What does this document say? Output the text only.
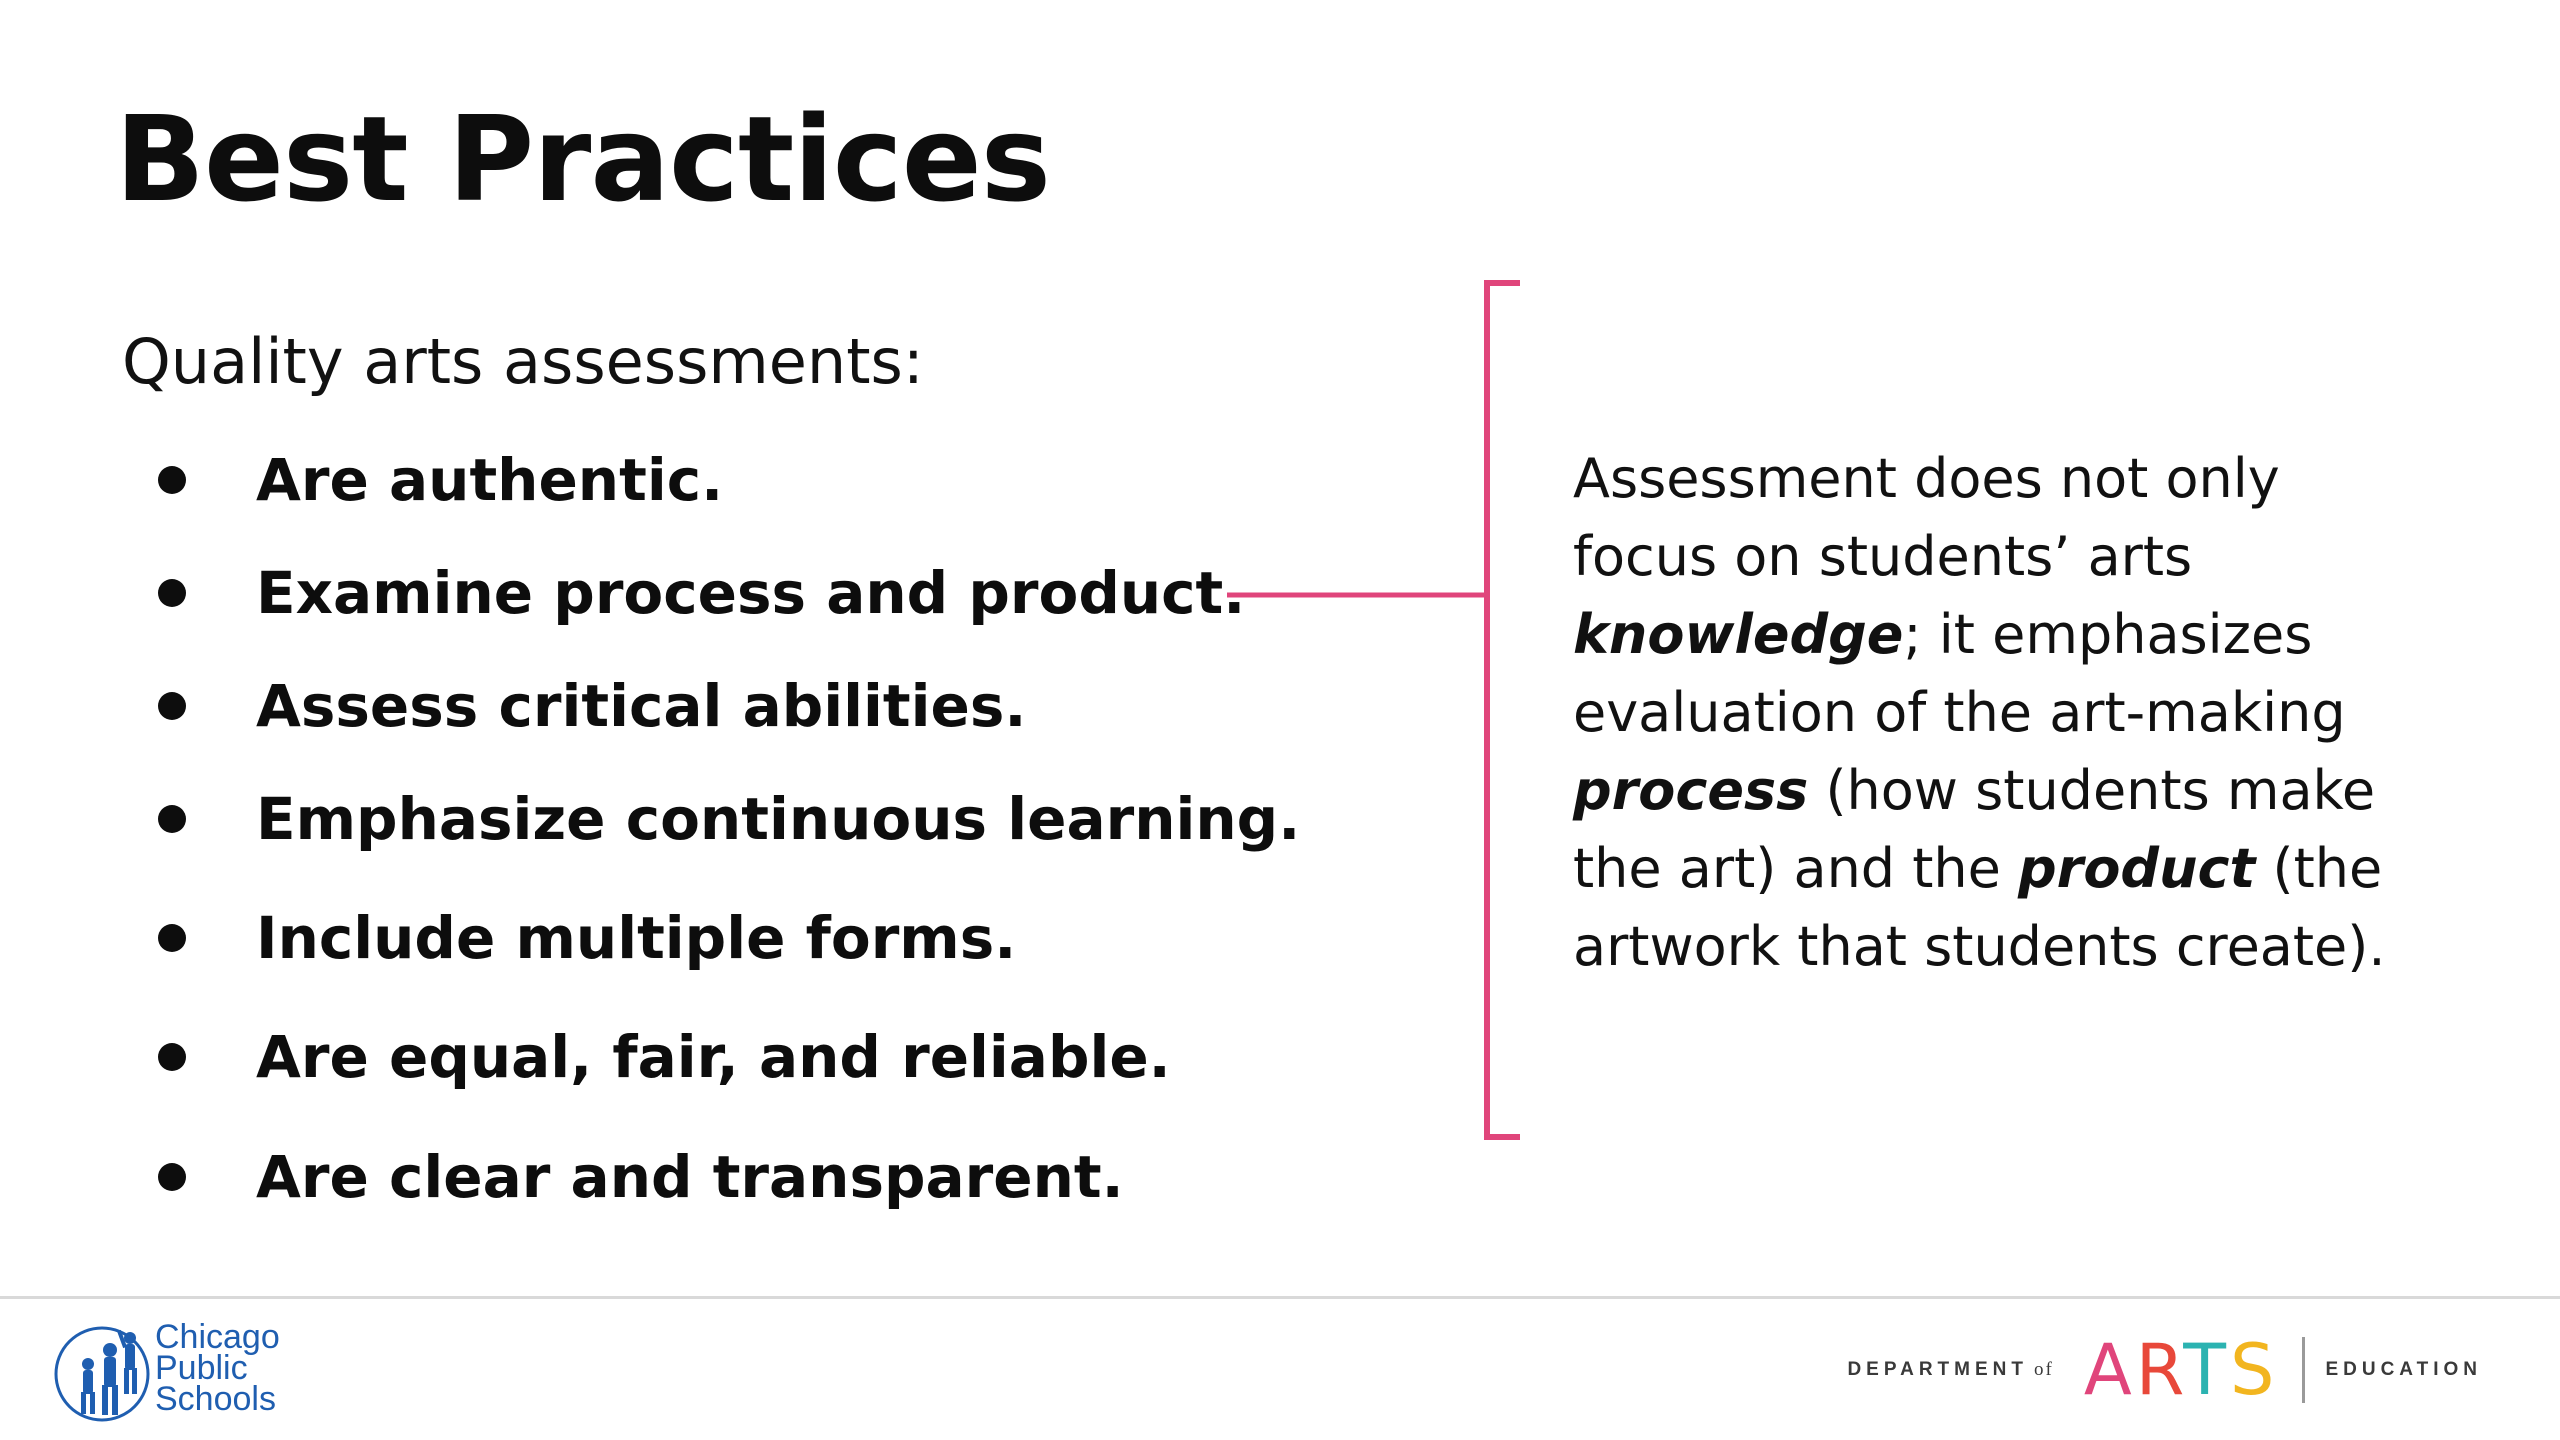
Best Practices
Quality arts assessments:
Are authentic.
Examine process and product.
Assess critical abilities.
Emphasize continuous learning.
Include multiple forms.
Are equal, fair, and reliable.
Are clear and transparent.
Assessment does not only focus on students’ arts knowledge; it emphasizes evaluation of the art-making process (how students make the art) and the product (the artwork that students create).
Chicago
Public
Schools
DEPARTMENT of ARTS EDUCATION
